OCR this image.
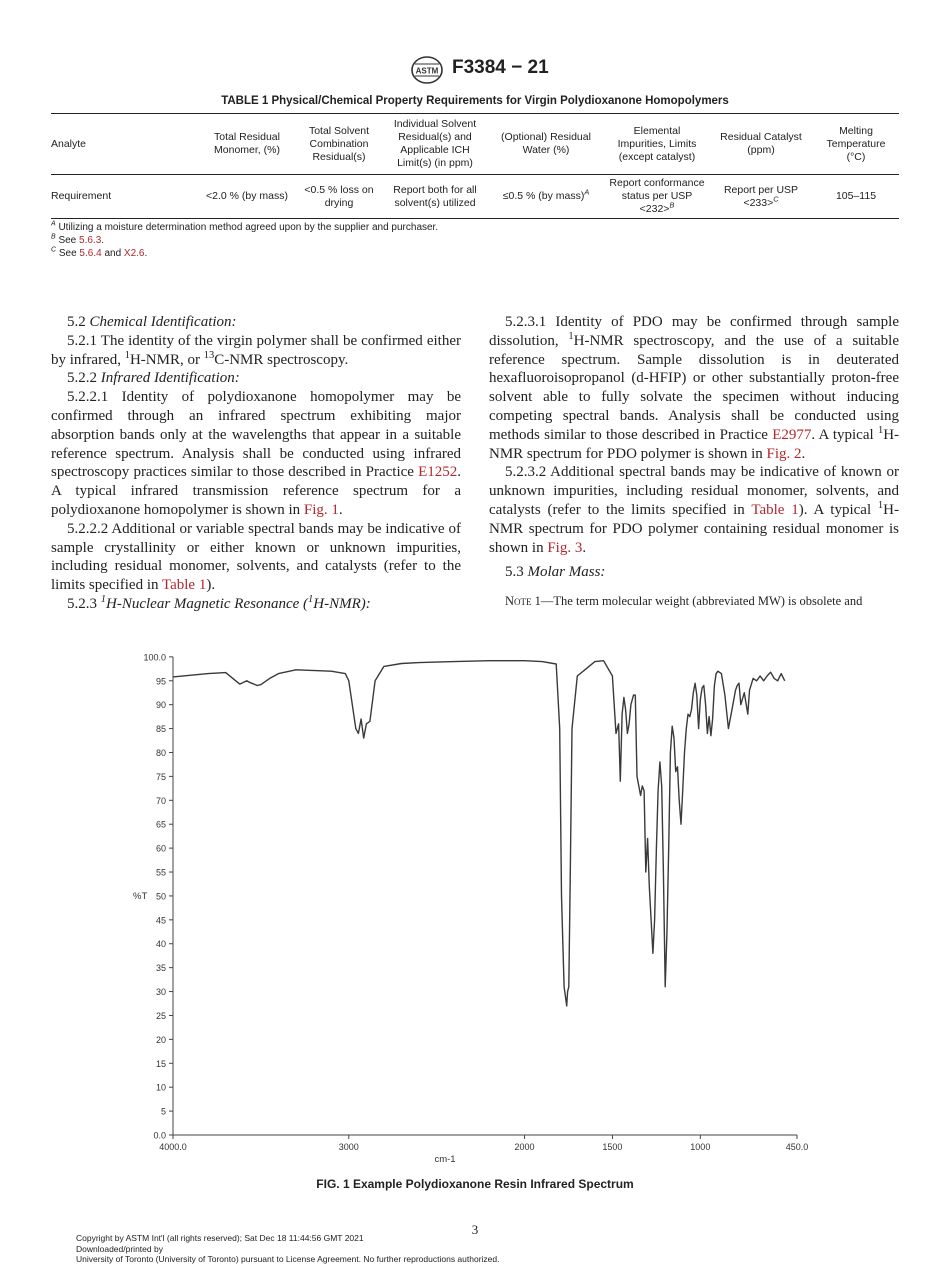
ASTM F3384 − 21
TABLE 1 Physical/Chemical Property Requirements for Virgin Polydioxanone Homopolymers
Analyte	Total Residual Monomer, (%)	Total Solvent Combination Residual(s)	Individual Solvent Residual(s) and Applicable ICH Limit(s) (in ppm)	(Optional) Residual Water (%)	Elemental Impurities, Limits (except catalyst)	Residual Catalyst (ppm)	Melting Temperature (°C)
Requirement	<2.0 % (by mass)	<0.5 % loss on drying	Report both for all solvent(s) utilized	≤0.5 % (by mass)$^A$	Report conformance status per USP <232>$^B$	Report per USP <233>$^C$	105–115
$^A$ Utilizing a moisture determination method agreed upon by the supplier and purchaser.
$^B$ See 5.6.3.
$^C$ See 5.6.4 and X2.6.

5.2 Chemical Identification:

5.2.1 The identity of the virgin polymer shall be confirmed either by infrared, $^1$H-NMR, or $^{13}$C-NMR spectroscopy.

5.2.2 Infrared Identification:

5.2.2.1 Identity of polydioxanone homopolymer may be confirmed through an infrared spectrum exhibiting major absorption bands only at the wavelengths that appear in a suitable reference spectrum. Analysis shall be conducted using infrared spectroscopy practices similar to those described in Practice E1252. A typical infrared transmission reference spectrum for a polydioxanone homopolymer is shown in Fig. 1.

5.2.2.2 Additional or variable spectral bands may be indicative of sample crystallinity or either known or unknown impurities, including residual monomer, solvents, and catalysts (refer to the limits specified in Table 1).

5.2.3 $^1$H-Nuclear Magnetic Resonance ($^1$H-NMR):

5.2.3.1 Identity of PDO may be confirmed through sample dissolution, $^1$H-NMR spectroscopy, and the use of a suitable reference spectrum. Sample dissolution is in deuterated hexafluoroisopropanol (d-HFIP) or other substantially proton-free solvent able to fully solvate the specimen without inducing competing spectral bands. Analysis shall be conducted using methods similar to those described in Practice E2977. A typical $^1$H-NMR spectrum for PDO polymer is shown in Fig. 2.

5.2.3.2 Additional spectral bands may be indicative of known or unknown impurities, including residual monomer, solvents, and catalysts (refer to the limits specified in Table 1). A typical $^1$H-NMR spectrum for PDO polymer containing residual monomer is shown in Fig. 3.

5.3 Molar Mass:

Note 1—The term molecular weight (abbreviated MW) is obsolete and

0.0
5
10
15
20
25
30
35
40
45
50
55
60
65
70
75
80
85
90
95
100.0
4000.0	3000	2000	1500	1000	450.0
cm-1
%T
FIG. 1 Example Polydioxanone Resin Infrared Spectrum
3
Copyright by ASTM Int'l (all rights reserved); Sat Dec 18 11:44:56 GMT 2021
Downloaded/printed by
University of Toronto (University of Toronto) pursuant to License Agreement. No further reproductions authorized.
